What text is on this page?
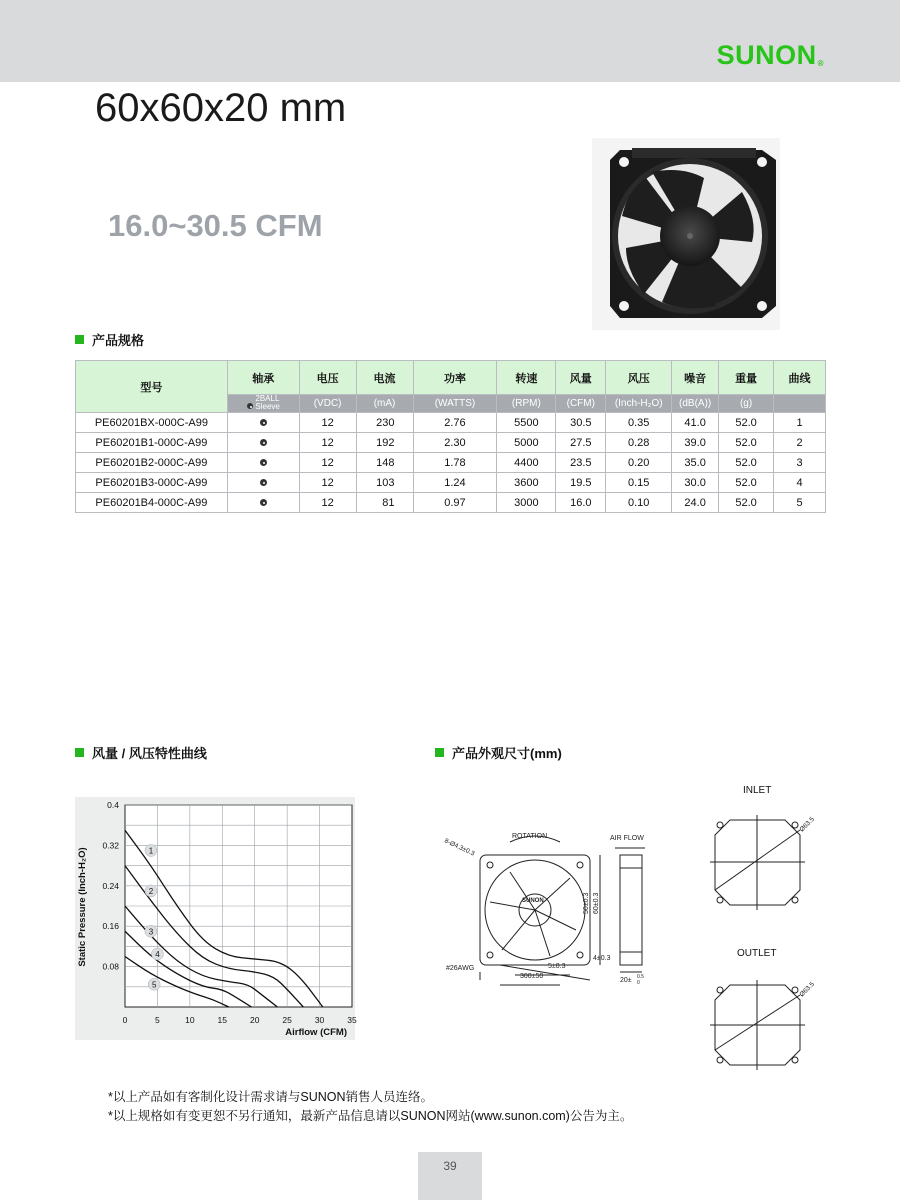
SUNON®
60x60x20 mm
16.0~30.5 CFM
产品规格
型号	轴承	电压	电流	功率	转速	风量	风压	噪音	重量	曲线
	2BALL
Sleeve	(VDC)	(mA)	(WATTS)	(RPM)	(CFM)	(Inch-H₂O)	(dB(A))	(g)	
PE60201BX-000C-A99		12	230	2.76	5500	30.5	0.35	41.0	52.0	1
PE60201B1-000C-A99		12	192	2.30	5000	27.5	0.28	39.0	52.0	2
PE60201B2-000C-A99		12	148	1.78	4400	23.5	0.20	35.0	52.0	3
PE60201B3-000C-A99		12	103	1.24	3600	19.5	0.15	30.0	52.0	4
PE60201B4-000C-A99		12	81	0.97	3000	16.0	0.10	24.0	52.0	5
风量 / 风压特性曲线	产品外观尺寸(mm)
0	5	10	15	20	25	30	35
0.4
0.32
0.24
0.16
0.08
Airflow (CFM)
Static Pressure (Inch-H₂O)	1
2
3
4
5
ROTATION
8-Ø4.3±0.3
50±0.3 60±0.3
SUNON
#26AWG
300±50
5±0.3
AIR FLOW
4±0.3
20± 0.5
0
INLET
Ø63.5
OUTLET
Ø63.5
*以上产品如有客制化设计需求请与SUNON销售人员连络。
*以上规格如有变更恕不另行通知，最新产品信息请以SUNON网站(www.sunon.com)公告为主。
39
